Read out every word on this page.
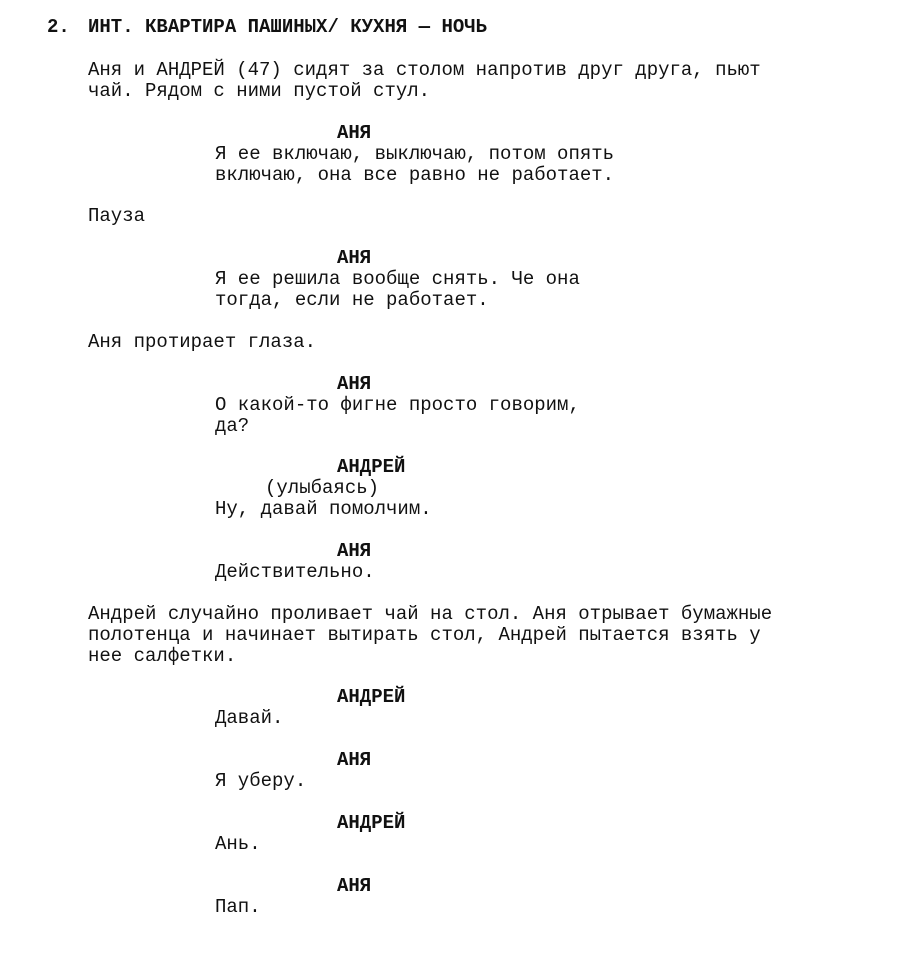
2. ИНТ. КВАРТИРА ПАШИНЫХ/ КУХНЯ — НОЧЬ
Аня и АНДРЕЙ (47) сидят за столом напротив друг друга, пьют
чай. Рядом с ними пустой стул.
АНЯ
Я ее включаю, выключаю, потом опять
включаю, она все равно не работает.
Пауза
АНЯ
Я ее решила вообще снять. Че она
тогда, если не работает.
Аня протирает глаза.
АНЯ
О какой-то фигне просто говорим,
да?
АНДРЕЙ
(улыбаясь)
Ну, давай помолчим.
АНЯ
Действительно.
Андрей случайно проливает чай на стол. Аня отрывает бумажные
полотенца и начинает вытирать стол, Андрей пытается взять у
нее салфетки.
АНДРЕЙ
Давай.
АНЯ
Я уберу.
АНДРЕЙ
Ань.
АНЯ
Пап.
